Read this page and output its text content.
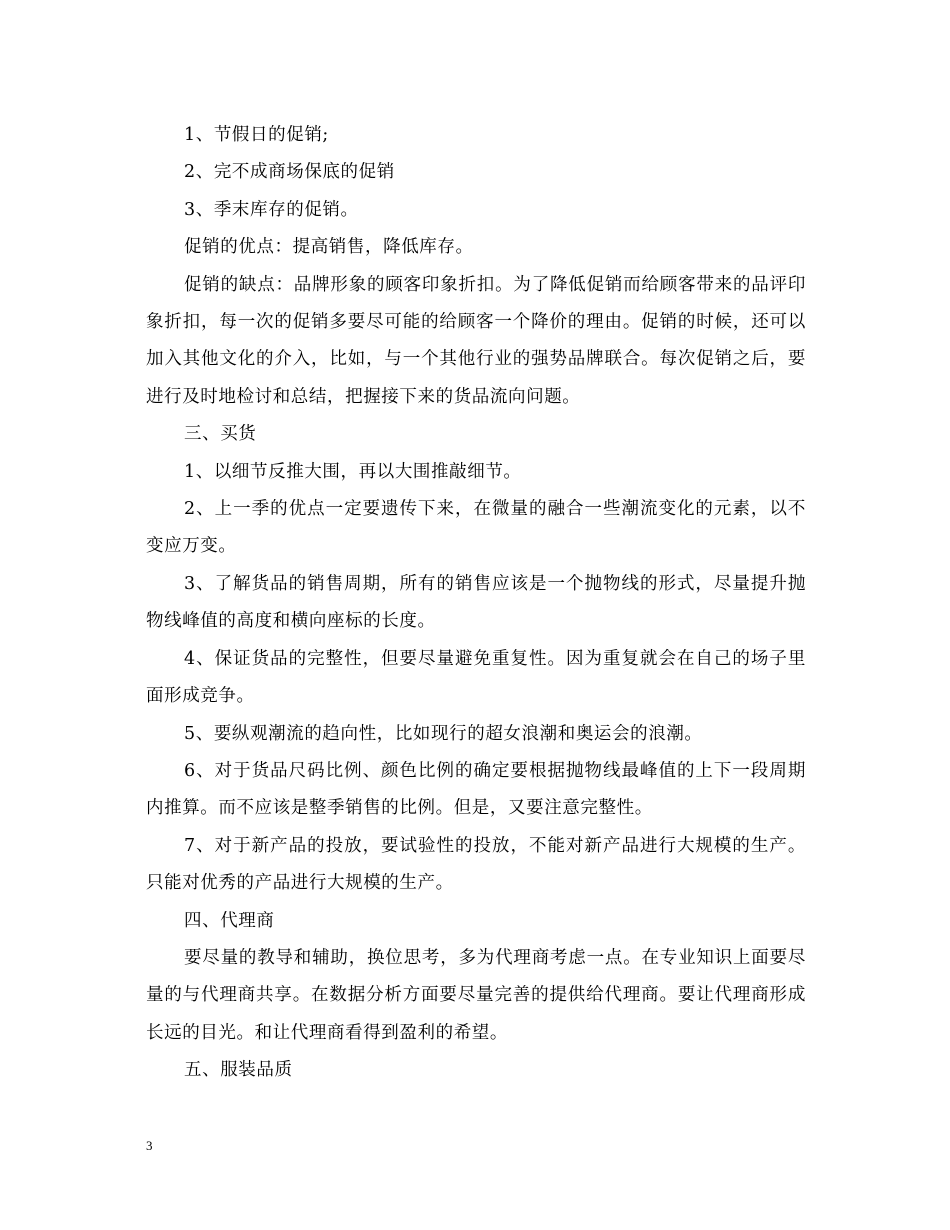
1、节假日的促销;

2、完不成商场保底的促销

3、季末库存的促销。

促销的优点：提高销售，降低库存。

促销的缺点：品牌形象的顾客印象折扣。为了降低促销而给顾客带来的品评印象折扣，每一次的促销多要尽可能的给顾客一个降价的理由。促销的时候，还可以加入其他文化的介入，比如，与一个其他行业的强势品牌联合。每次促销之后，要进行及时地检讨和总结，把握接下来的货品流向问题。

三、买货

1、以细节反推大围，再以大围推敲细节。

2、上一季的优点一定要遗传下来，在微量的融合一些潮流变化的元素，以不变应万变。

3、了解货品的销售周期，所有的销售应该是一个抛物线的形式，尽量提升抛物线峰值的高度和横向座标的长度。

4、保证货品的完整性，但要尽量避免重复性。因为重复就会在自己的场子里面形成竞争。

5、要纵观潮流的趋向性，比如现行的超女浪潮和奥运会的浪潮。

6、对于货品尺码比例、颜色比例的确定要根据抛物线最峰值的上下一段周期内推算。而不应该是整季销售的比例。但是，又要注意完整性。

7、对于新产品的投放，要试验性的投放，不能对新产品进行大规模的生产。只能对优秀的产品进行大规模的生产。

四、代理商

要尽量的教导和辅助，换位思考，多为代理商考虑一点。在专业知识上面要尽量的与代理商共享。在数据分析方面要尽量完善的提供给代理商。要让代理商形成长远的目光。和让代理商看得到盈利的希望。

五、服装品质

3
